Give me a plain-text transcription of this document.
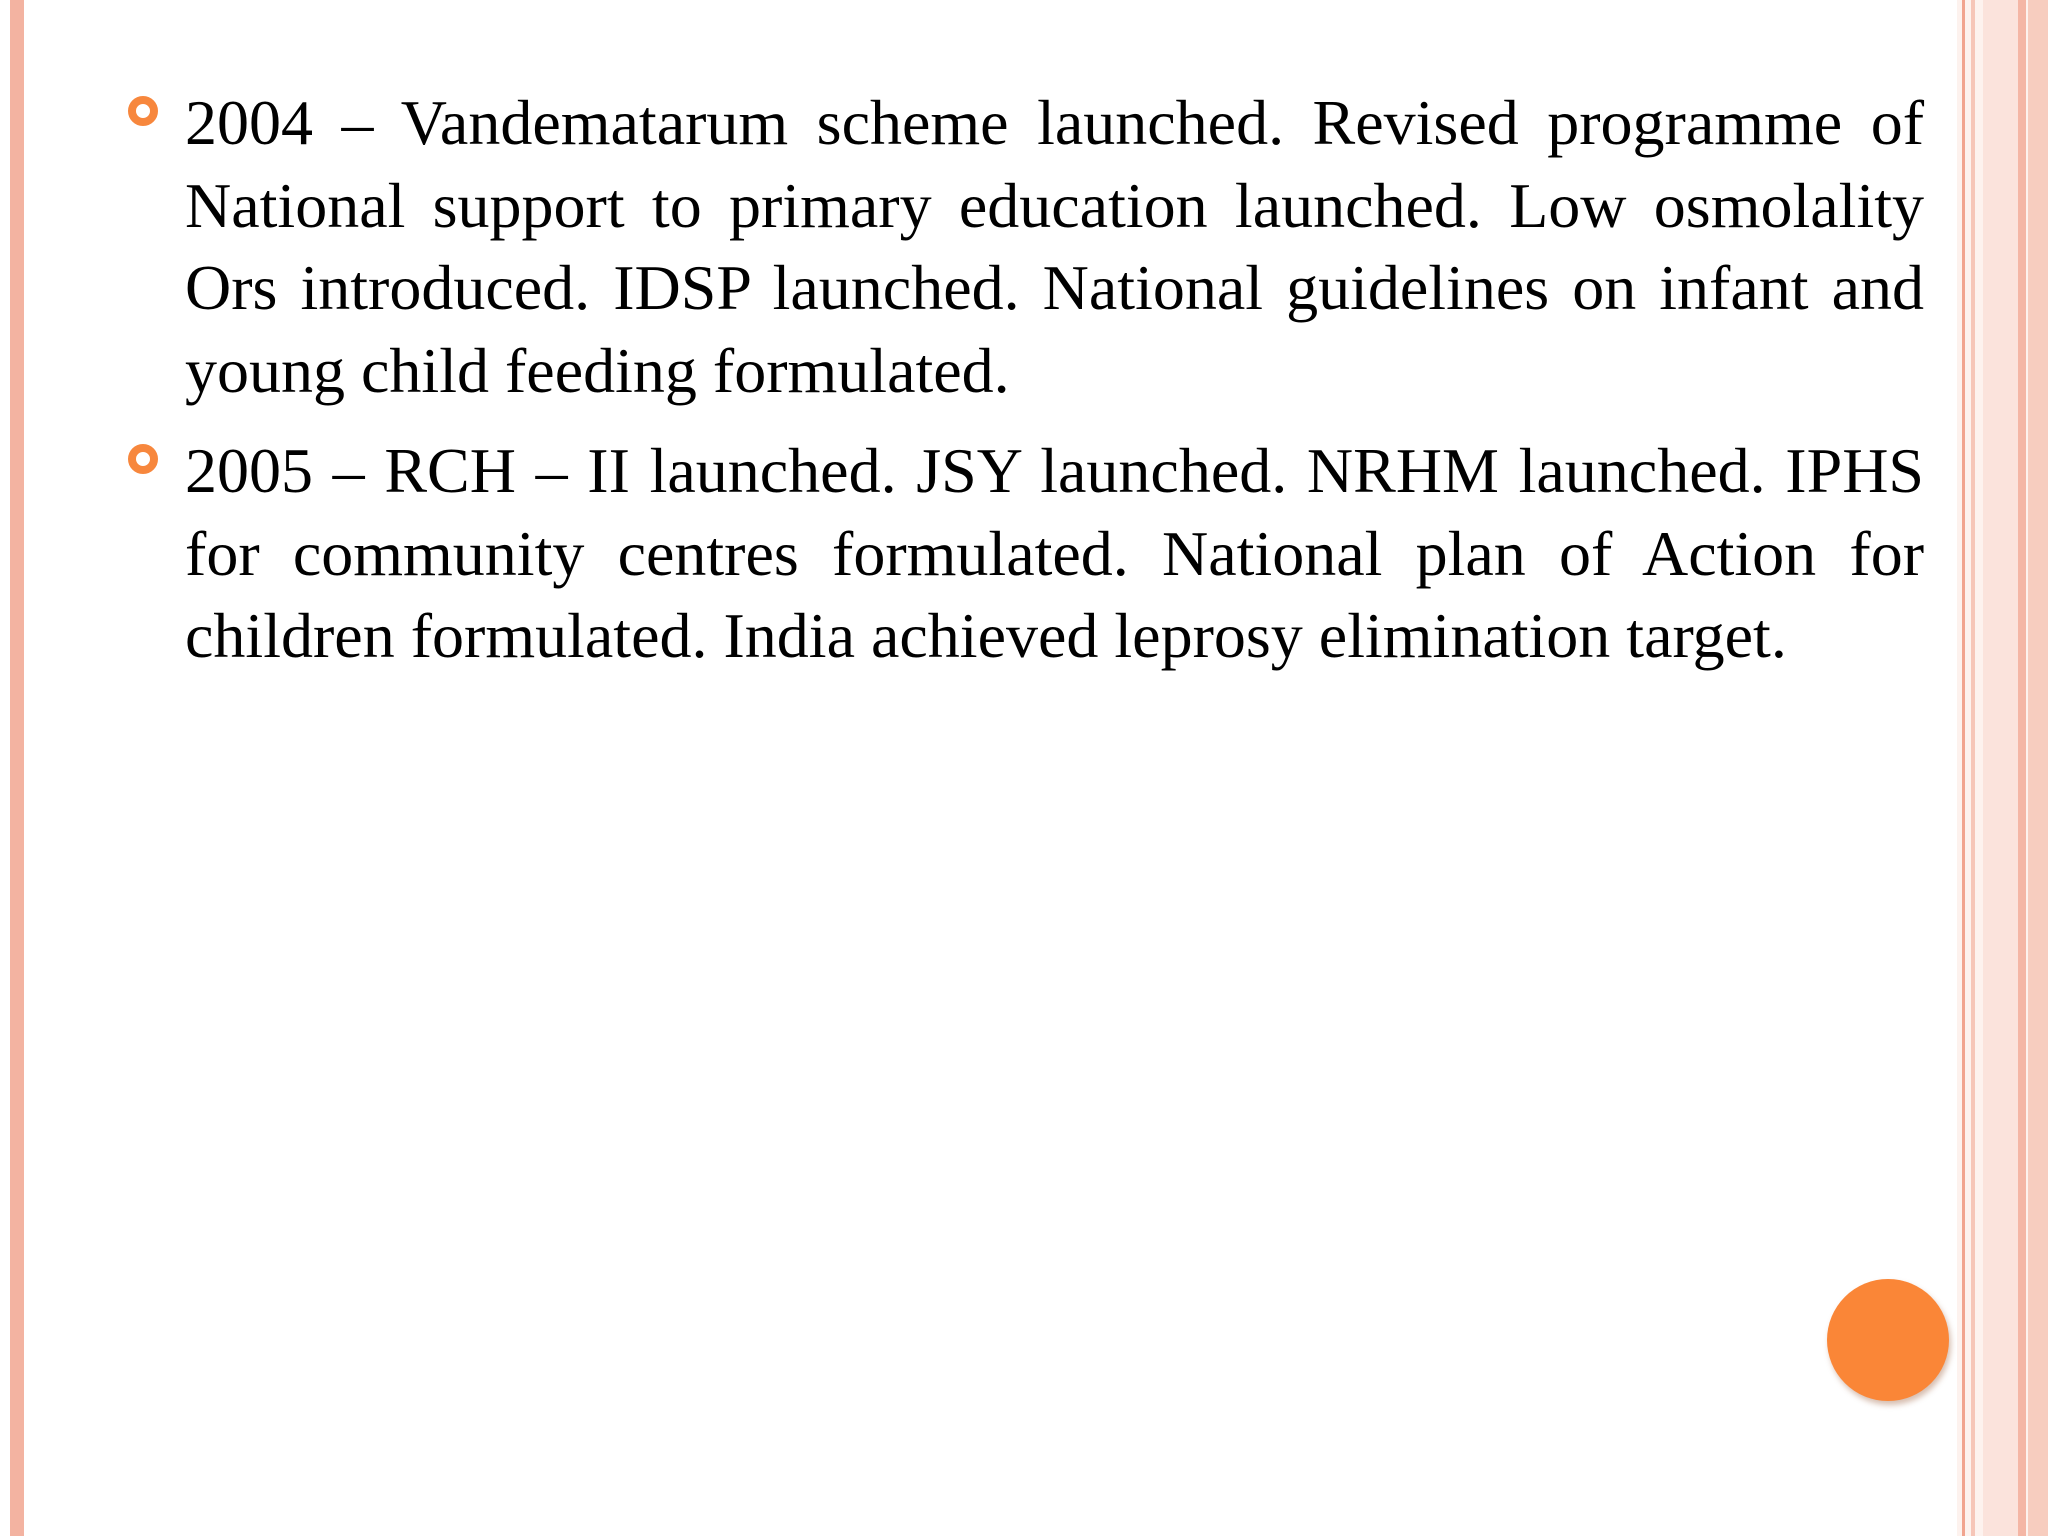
2004 – Vandematarum scheme launched. Revised programme of National support to primary education launched. Low osmolality Ors introduced. IDSP launched. National guidelines on infant and young child feeding formulated.

2005 – RCH – II launched. JSY launched. NRHM launched. IPHS for community centres formulated. National plan of Action for children formulated. India achieved leprosy elimination target.
